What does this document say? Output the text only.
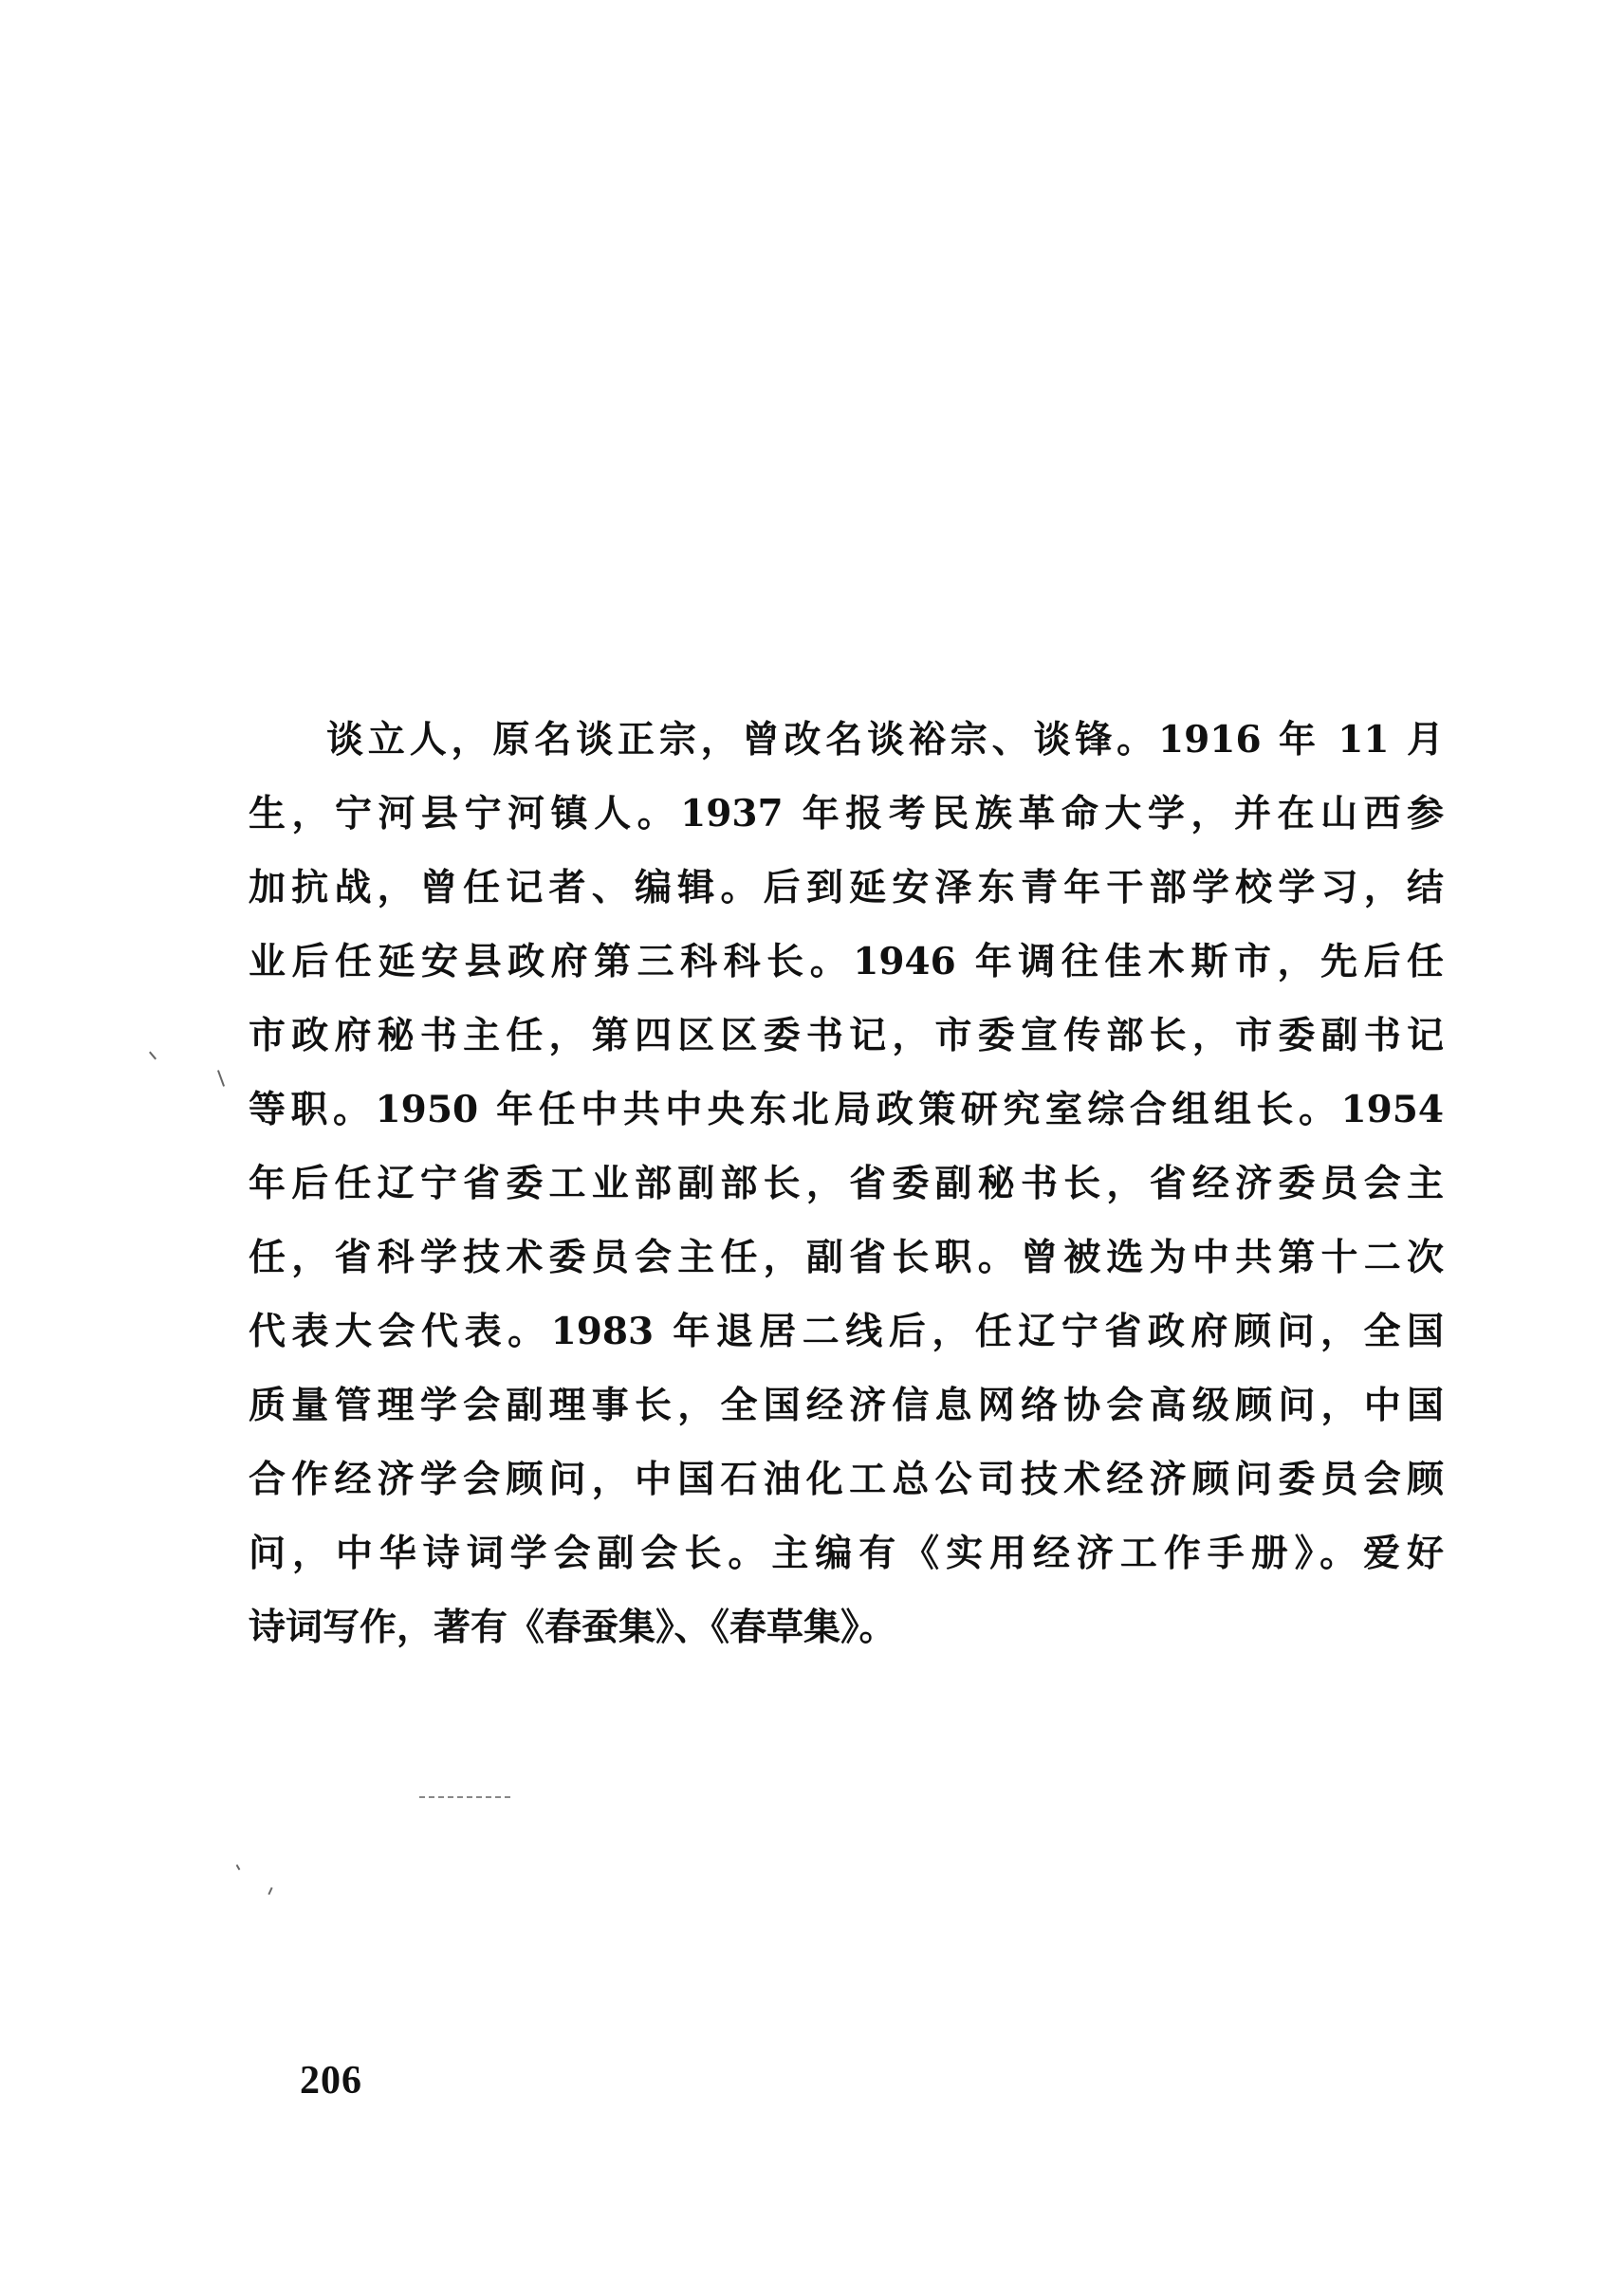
谈立人，原名谈正宗，曾改名谈裕宗、谈锋。1916 年 11 月
生，宁河县宁河镇人。1937 年报考民族革命大学，并在山西参
加抗战，曾任记者、编辑。后到延安泽东青年干部学校学习，结
业后任延安县政府第三科科长。1946 年调往佳木斯市，先后任
市政府秘书主任，第四区区委书记，市委宣传部长，市委副书记
等职。1950 年任中共中央东北局政策研究室综合组组长。1954
年后任辽宁省委工业部副部长，省委副秘书长，省经济委员会主
任，省科学技术委员会主任，副省长职。曾被选为中共第十二次
代表大会代表。1983 年退居二线后，任辽宁省政府顾问，全国
质量管理学会副理事长，全国经济信息网络协会高级顾问，中国
合作经济学会顾问，中国石油化工总公司技术经济顾问委员会顾
问，中华诗词学会副会长。主编有《实用经济工作手册》。爱好
诗词写作，著有《春蚕集》、《春草集》。
206
